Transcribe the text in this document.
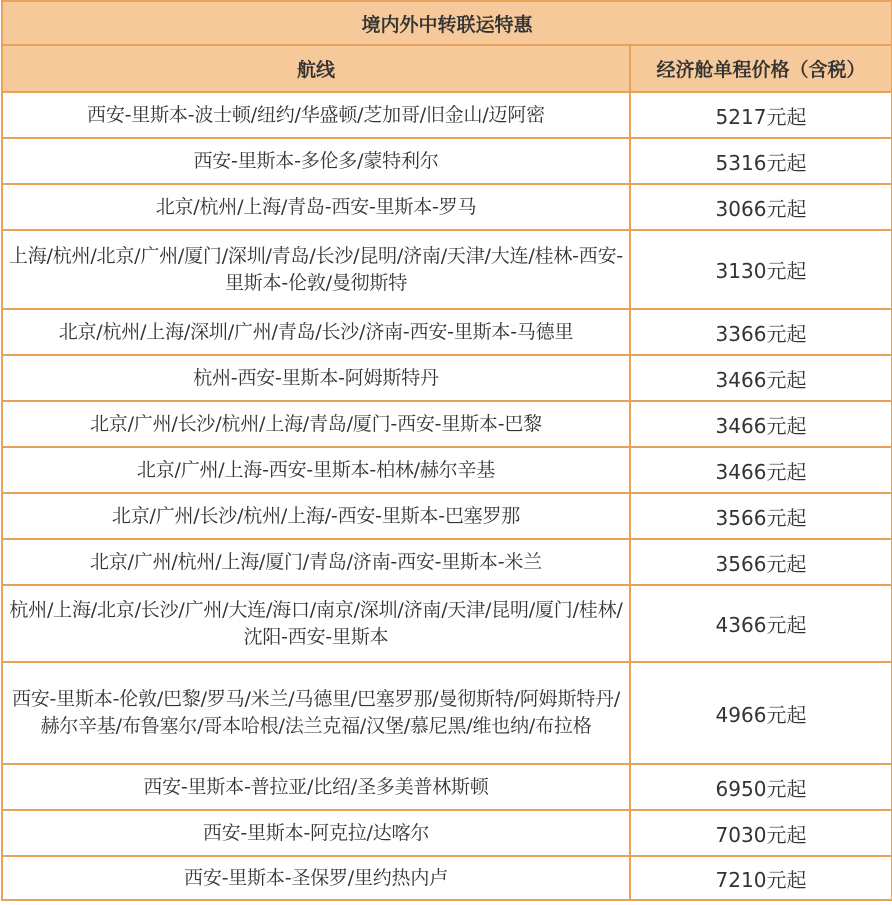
境内外中转联运特惠	
航线	经济舱单程价格（含税）
西安-里斯本-波士顿/纽约/华盛顿/芝加哥/旧金山/迈阿密	5217元起
西安-里斯本-多伦多/蒙特利尔	5316元起
北京/杭州/上海/青岛-西安-里斯本-罗马	3066元起
上海/杭州/北京/广州/厦门/深圳/青岛/长沙/昆明/济南/天津/大连/桂林-西安-里斯本-伦敦/曼彻斯特	3130元起
北京/杭州/上海/深圳/广州/青岛/长沙/济南-西安-里斯本-马德里	3366元起
杭州-西安-里斯本-阿姆斯特丹	3466元起
北京/广州/长沙/杭州/上海/青岛/厦门-西安-里斯本-巴黎	3466元起
北京/广州/上海-西安-里斯本-柏林/赫尔辛基	3466元起
北京/广州/长沙/杭州/上海/-西安-里斯本-巴塞罗那	3566元起
北京/广州/杭州/上海/厦门/青岛/济南-西安-里斯本-米兰	3566元起
杭州/上海/北京/长沙/广州/大连/海口/南京/深圳/济南/天津/昆明/厦门/桂林/沈阳-西安-里斯本	4366元起
西安-里斯本-伦敦/巴黎/罗马/米兰/马德里/巴塞罗那/曼彻斯特/阿姆斯特丹/赫尔辛基/布鲁塞尔/哥本哈根/法兰克福/汉堡/慕尼黑/维也纳/布拉格	4966元起
西安-里斯本-普拉亚/比绍/圣多美普林斯顿	6950元起
西安-里斯本-阿克拉/达喀尔	7030元起
西安-里斯本-圣保罗/里约热内卢	7210元起
